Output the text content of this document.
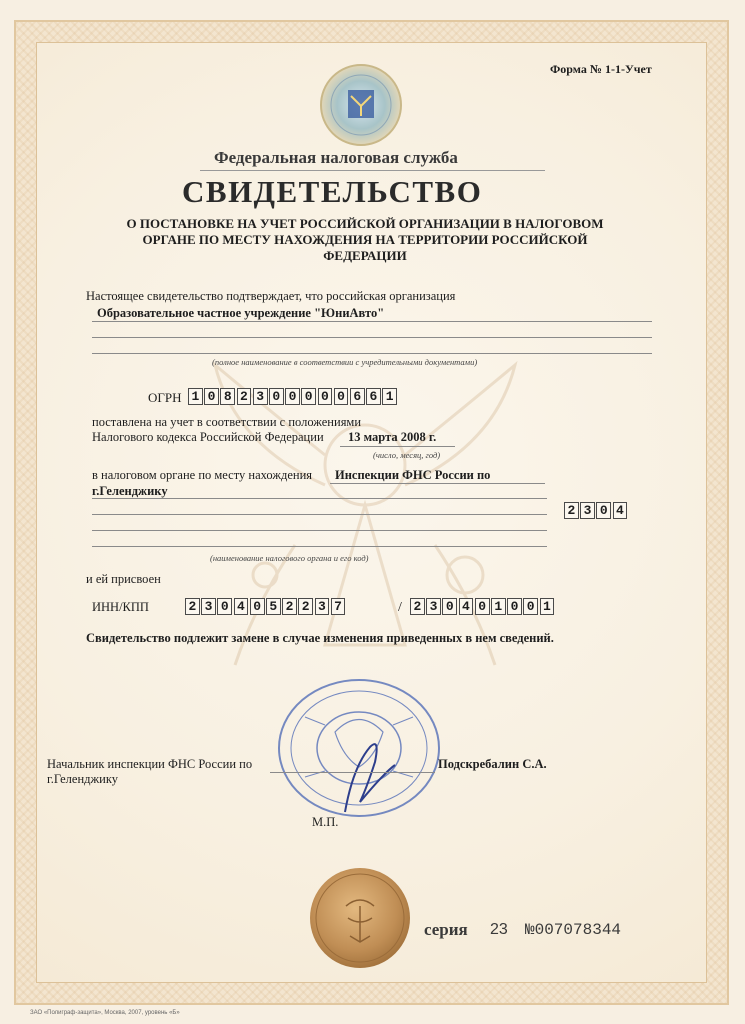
Форма № 1-1-Учет
Федеральная налоговая служба
СВИДЕТЕЛЬСТВО
О ПОСТАНОВКЕ НА УЧЕТ РОССИЙСКОЙ ОРГАНИЗАЦИИ В НАЛОГОВОМ ОРГАНЕ ПО МЕСТУ НАХОЖДЕНИЯ НА ТЕРРИТОРИИ РОССИЙСКОЙ ФЕДЕРАЦИИ
Настоящее свидетельство подтверждает, что российская организация
Образовательное частное учреждение "ЮниАвто"
(полное наименование в соответствии с учредительными документами)
ОГРН 1 0 8 2 3 0 0 0 0 0 6 6 1
поставлена на учет в соответствии с положениями
Налогового кодекса Российской Федерации 13 марта 2008 г.
(число, месяц, год)
в налоговом органе по месту нахождения Инспекции ФНС России по
г.Геленджику
2 3 0 4
(наименование налогового органа и его код)
и ей присвоен
ИНН/КПП	2 3 0 4 0 5 2 2 3 7	/ 2 3 0 4 0 1 0 0 1
Свидетельство подлежит замене в случае изменения приведенных в нем сведений.
Начальник инспекции ФНС России по
г.Геленджику
Подскребалин С.А.
М.П.
серия 23 №007078344
ЗАО «Полиграф-защита», Москва, 2007, уровень «Б»
